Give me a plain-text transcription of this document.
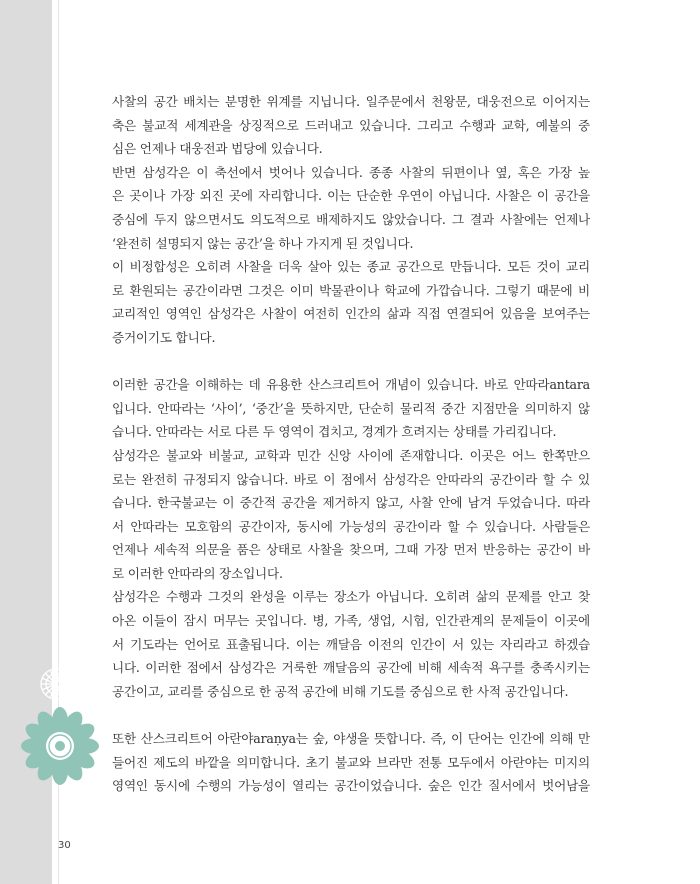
사찰의 공간 배치는 분명한 위계를 지닙니다. 일주문에서 천왕문, 대웅전으로 이어지는
축은 불교적 세계관을 상징적으로 드러내고 있습니다. 그리고 수행과 교학, 예불의 중
심은 언제나 대웅전과 법당에 있습니다.
반면 삼성각은 이 축선에서 벗어나 있습니다. 종종 사찰의 뒤편이나 옆, 혹은 가장 높
은 곳이나 가장 외진 곳에 자리합니다. 이는 단순한 우연이 아닙니다. 사찰은 이 공간을
중심에 두지 않으면서도 의도적으로 배제하지도 않았습니다. 그 결과 사찰에는 언제나
‘완전히 설명되지 않는 공간’을 하나 가지게 된 것입니다.
이 비정합성은 오히려 사찰을 더욱 살아 있는 종교 공간으로 만듭니다. 모든 것이 교리
로 환원되는 공간이라면 그것은 이미 박물관이나 학교에 가깝습니다. 그렇기 때문에 비
교리적인 영역인 삼성각은 사찰이 여전히 인간의 삶과 직접 연결되어 있음을 보여주는
증거이기도 합니다.
이러한 공간을 이해하는 데 유용한 산스크리트어 개념이 있습니다. 바로 안따라antara
입니다. 안따라는 ‘사이’, ‘중간’을 뜻하지만, 단순히 물리적 중간 지점만을 의미하지 않
습니다. 안따라는 서로 다른 두 영역이 겹치고, 경계가 흐려지는 상태를 가리킵니다.
삼성각은 불교와 비불교, 교학과 민간 신앙 사이에 존재합니다. 이곳은 어느 한쪽만으
로는 완전히 규정되지 않습니다. 바로 이 점에서 삼성각은 안따라의 공간이라 할 수 있
습니다. 한국불교는 이 중간적 공간을 제거하지 않고, 사찰 안에 남겨 두었습니다. 따라
서 안따라는 모호함의 공간이자, 동시에 가능성의 공간이라 할 수 있습니다. 사람들은
언제나 세속적 의문을 품은 상태로 사찰을 찾으며, 그때 가장 먼저 반응하는 공간이 바
로 이러한 안따라의 장소입니다.
삼성각은 수행과 그것의 완성을 이루는 장소가 아닙니다. 오히려 삶의 문제를 안고 찾
아온 이들이 잠시 머무는 곳입니다. 병, 가족, 생업, 시험, 인간관계의 문제들이 이곳에
서 기도라는 언어로 표출됩니다. 이는 깨달음 이전의 인간이 서 있는 자리라고 하겠습
니다. 이러한 점에서 삼성각은 거룩한 깨달음의 공간에 비해 세속적 욕구를 충족시키는
공간이고, 교리를 중심으로 한 공적 공간에 비해 기도를 중심으로 한 사적 공간입니다.
또한 산스크리트어 아란야araṇya는 숲, 야생을 뜻합니다. 즉, 이 단어는 인간에 의해 만
들어진 제도의 바깥을 의미합니다. 초기 불교와 브라만 전통 모두에서 아란야는 미지의
영역인 동시에 수행의 가능성이 열리는 공간이었습니다. 숲은 인간 질서에서 벗어남을
30
